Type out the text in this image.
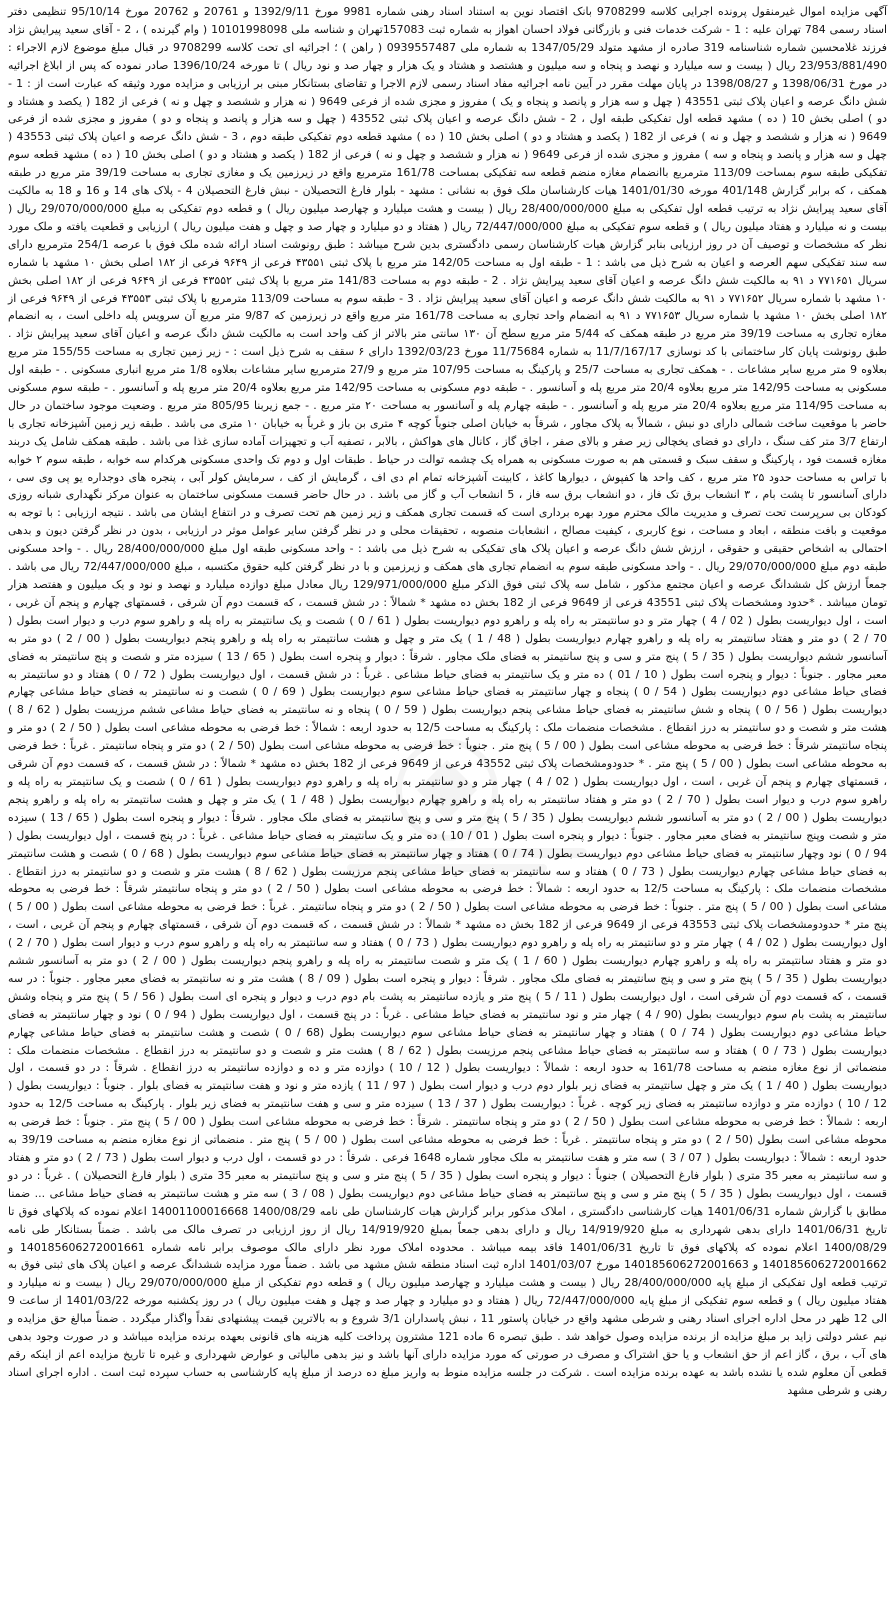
آگهی مزایده اموال غیرمنقول پرونده اجرایی کلاسه 9708299 بانک اقتصاد نوین به استناد اسناد رهنی شماره 9981 مورخ 1392/9/11 و 20761 و 20762 مورخ 95/10/14 تنظیمی دفتر اسناد رسمی 784 تهران علیه : 1 - شرکت خدمات فنی و بازرگانی فولاد احسان اهواز به شماره ثبت 157083تهران و شناسه ملی 10101998098 ( وام گیرنده ) ، 2 - آقای سعید پیرایش نژاد فرزند غلامحسین شماره شناسنامه 319 صادره از مشهد متولد 1347/05/29 به شماره ملی 0939557487 ( راهن ) ؛ اجرائیه ای تحت کلاسه 9708299 در قبال مبلغ موضوع لازم الاجراء : 23/953/881/490 ریال ( بیست و سه میلیارد و نهصد و پنجاه و سه میلیون و هشتصد و هشتاد و یک هزار و چهار صد و نود ریال ) تا مورخه 1396/10/24 صادر نموده که پس از ابلاغ اجرائیه در مورخ 1398/06/31 و 1398/08/27 در پایان مهلت مقرر در آیین نامه اجرائیه مفاد اسناد رسمی لازم الاجرا و تقاضای بستانکار مبنی بر ارزیابی و مزایده مورد وثیقه که عبارت است از : 1 - شش دانگ عرصه و اعیان پلاک ثبتی 43551 ( چهل و سه هزار و پانصد و پنجاه و یک ) مفروز و مجزی شده از فرعی 9649 ( نه هزار و ششصد و چهل و نه ) فرعی از 182 ( یکصد و هشتاد و دو ) اصلی بخش 10 ( ده ) مشهد قطعه اول تفکیکی طبقه اول ، 2 - شش دانگ عرصه و اعیان پلاک ثبتی 43552 ( چهل و سه هزار و پانصد و پنجاه و دو ) مفروز و مجزی شده از فرعی 9649 ( نه هزار و ششصد و چهل و نه ) فرعی از 182 ( یکصد و هشتاد و دو ) اصلی بخش 10 ( ده ) مشهد قطعه دوم تفکیکی طبقه دوم ، 3 - شش دانگ عرصه و اعیان پلاک ثبتی 43553 ( چهل و سه هزار و پانصد و پنجاه و سه ) مفروز و مجزی شده از فرعی 9649 ( نه هزار و ششصد و چهل و نه ) فرعی از 182 ( یکصد و هشتاد و دو ) اصلی بخش 10 ( ده ) مشهد قطعه سوم تفکیکی طبقه سوم بمساحت 113/09 مترمربع باانضمام مغازه منضم قطعه سه تفکیکی بمساحت 161/78 مترمربع واقع در زیرزمین یک و مغازی تجاری به مساحت 39/19 متر مربع در طبقه همکف ، که برابر گزارش 401/148 مورخه 1401/01/30 هیات کارشناسان ملک فوق به نشانی : مشهد - بلوار فارغ التحصیلان - نبش فارغ التحصیلان 4 - پلاک های 14 و 16 و 18 به مالکیت آقای سعید پیرایش نژاد به ترتیب قطعه اول تفکیکی به مبلغ 28/400/000/000 ریال ( بیست و هشت میلیارد و چهارصد میلیون ریال ) و قطعه دوم تفکیکی به مبلغ 29/070/000/000 ریال ( بیست و نه میلیارد و هفتاد میلیون ریال ) و قطعه سوم تفکیکی به مبلغ 72/447/000/000 ریال ( هفتاد و دو میلیارد و چهار صد و چهل و هفت میلیون ریال ) ارزیابی و قطعیت یافته و ملک مورد نظر که مشخصات و توصیف آن در روز ارزیابی بنابر گزارش هیات کارشناسان رسمی دادگستری بدین شرح میباشد : طبق رونوشت اسناد ارائه شده ملک فوق با عرصه 254/1 مترمربع دارای سه سند تفکیکی سهم العرصه و اعیان به شرح ذیل می باشد : 1 - طبقه اول به مساحت 142/05 متر مربع با پلاک ثبتی ۴۳۵۵۱ فرعی از ۹۶۴۹ فرعی از ۱۸۲ اصلی بخش ۱۰ مشهد با شماره سریال ۷۷۱۶۵۱ د ۹۱ به مالکیت شش دانگ عرصه و اعیان آقای سعید پیرایش نژاد . 2 - طبقه دوم به مساحت 141/83 متر مربع با پلاک ثبتی ۴۳۵۵۲ فرعی از ۹۶۴۹ فرعی از ۱۸۲ اصلی بخش ۱۰ مشهد با شماره سریال ۷۷۱۶۵۲ د ۹۱ به مالکیت شش دانگ عرصه و اعیان آقای سعید پیرایش نژاد . 3 - طبقه سوم به مساحت 113/09 مترمربع با پلاک ثبتی ۴۳۵۵۳ فرعی از ۹۶۴۹ فرعی از ۱۸۲ اصلی بخش ۱۰ مشهد با شماره سریال ۷۷۱۶۵۳ د ۹۱ به انضمام واحد تجاری به مساحت 161/78 متر مربع واقع در زیرزمین که 9/87 متر مربع آن سرویس پله داخلی است ، به انضمام مغازه تجاری به مساحت 39/19 متر مربع در طبقه همکف که 5/44 متر مربع سطح آن ۱۳۰ سانتی متر بالاتر از کف واحد است به مالکیت شش دانگ عرصه و اعیان آقای سعید پیرایش نژاد . طبق رونوشت پایان کار ساختمانی با کد نوسازی 11/7/167/17 به شماره 11/75684 مورخ 1392/03/23 دارای ۶ سقف به شرح ذیل است : - زیر زمین تجاری به مساحت 155/55 متر مربع بعلاوه 9 متر مربع سایر مشاعات . - همکف تجاری به مساحت 25/7 و پارکینگ به مساحت 107/95 متر مربع و 27/9 مترمربع سایر مشاعات بعلاوه 1/8 متر مربع انباری مسکونی . - طبقه اول مسکونی به مساحت 142/95 متر مربع بعلاوه 20/4 متر مربع پله و آسانسور . - طبقه دوم مسکونی به مساحت 142/95 متر مربع بعلاوه 20/4 متر مربع پله و آسانسور . - طبقه سوم مسکونی به مساحت 114/95 متر مربع بعلاوه 20/4 متر مربع پله و آسانسور . - طبقه چهارم پله و آسانسور به مساحت ۲۰ متر مربع . - جمع زیربنا 805/95 متر مربع . وضعیت موجود ساختمان در حال حاضر با موقعیت ساخت شمالی دارای دو نبش ، شمالاً به پلاک مجاور ، شرقاً به خیابان اصلی جنوباً کوچه ۴ متری بن باز و غرباً به خیابان ۱۰ متری می باشد . طبقه زیر زمین آشپزخانه تجاری با ارتفاع 3/7 متر کف سنگ ، دارای دو فضای یخچالی زیر صفر و بالای صفر ، اجاق گاز ، کانال های هواکش ، بالابر ، تصفیه آب و تجهیزات آماده سازی غذا می باشد . طبقه همکف شامل یک دربند مغازه قسمت فود ، پارکینگ و سقف سبک و قسمتی هم به صورت مسکونی به همراه یک چشمه توالت در حیاط . طبقات اول و دوم تک واحدی مسکونی هرکدام سه خوابه ، طبقه سوم ۲ خوابه با تراس به مساحت حدود ۲۵ متر مربع ، کف واحد ها کفپوش ، دیوارها کاغذ ، کابینت آشپزخانه تمام ام دی اف ، گرمایش از کف ، سرمایش کولر آبی ، پنجره های دوجداره یو پی وی سی ، دارای آسانسور تا پشت بام ، ۳ انشعاب برق تک فاز ، دو انشعاب برق سه فاز ، 5 انشعاب آب و گاز می باشد . در حال حاضر قسمت مسکونی ساختمان به عنوان مرکز نگهداری شبانه روزی کودکان بی سرپرست تحت تصرف و مدیریت مالک محترم مورد بهره برداری است که قسمت تجاری همکف و زیر زمین هم تحت تصرف و در انتفاع ایشان می باشد . نتیجه ارزیابی : با توجه به موقعیت و بافت منطقه ، ابعاد و مساحت ، نوع کاربری ، کیفیت مصالح ، انشعابات منصوبه ، تحقیقات محلی و در نظر گرفتن سایر عوامل موثر در ارزیابی ، بدون در نظر گرفتن دیون و بدهی احتمالی به اشخاص حقیقی و حقوقی ، ارزش شش دانگ عرصه و اعیان پلاک های تفکیکی به شرح ذیل می باشد : - واحد مسکونی طبقه اول مبلغ 28/400/000/000 ریال . - واحد مسکونی طبقه دوم مبلغ 29/070/000/000 ریال . - واحد مسکونی طبقه سوم به انضمام تجاری های همکف و زیرزمین و با در نظر گرفتن کلیه حقوق مکتسبه ، مبلغ 72/447/000/000 ریال می باشد . جمعاً ارزش کل ششدانگ عرصه و اعیان مجتمع مذکور ، شامل سه پلاک ثبتی فوق الذکر مبلغ 129/971/000/000 ریال معادل مبلغ دوازده میلیارد و نهصد و نود و یک میلیون و هفتصد هزار تومان میباشد . *حدود ومشخصات پلاک ثبتی 43551 فرعی از 9649 فرعی از 182 بخش ده مشهد * شمالاً : در شش قسمت ، که قسمت دوم آن شرقی ، قسمتهای چهارم و پنجم آن غربی ، است ، اول دیواریست بطول ( 02 / 4 ) چهار متر و دو سانتیمتر به راه پله و راهرو دوم دیواریست بطول ( 61 / 0 ) شصت و یک سانتیمتر به راه پله و راهرو سوم درب و دیوار است بطول ( 70 / 2 ) دو متر و هفتاد سانتیمتر به راه پله و راهرو چهارم دیواریست بطول ( 48 / 1 ) یک متر و چهل و هشت سانتیمتر به راه پله و راهرو پنجم دیواریست بطول ( 00 / 2 ) دو متر به آسانسور ششم دیواریست بطول ( 35 / 5 ) پنج متر و سی و پنج سانتیمتر به فضای ملک مجاور . شرقاً : دیوار و پنجره است بطول ( 65 / 13 ) سیزده متر و شصت و پنج سانتیمتر به فضای معبر مجاور . جنوباً : دیوار و پنجره است بطول ( 10 / 01 ) ده متر و یک سانتیمتر به فضای حیاط مشاعی . غرباً : در شش قسمت ، اول دیواریست بطول ( 72 / 0 ) هفتاد و دو سانتیمتر به فضای حیاط مشاعی دوم دیواریست بطول ( 54 / 0 ) پنجاه و چهار سانتیمتر به فضای حیاط مشاعی سوم دیواریست بطول ( 69 / 0 ) شصت و نه سانتیمتر به فضای حیاط مشاعی چهارم دیواریست بطول ( 56 / 0 ) پنجاه و شش سانتیمتر به فضای حیاط مشاعی پنجم دیواریست بطول ( 59 / 0 ) پنجاه و نه سانتیمتر به فضای حیاط مشاعی ششم مرزیست بطول ( 62 / 8 ) هشت متر و شصت و دو سانتیمتر به درز انقطاع . مشخصات منضمات ملک : پارکینگ به مساحت 12/5 به حدود اربعه : شمالاً : خط فرضی به محوطه مشاعی است بطول ( 50 / 2 ) دو متر و پنجاه سانتیمتر شرقاً : خط فرضی به محوطه مشاعی است بطول ( 00 / 5 ) پنج متر . جنوباً : خط فرضی به محوطه مشاعی است بطول (50 / 2 ) دو متر و پنجاه سانتیمتر . غرباً : خط فرضی به محوطه مشاعی است بطول ( 00 / 5 ) پنج متر . * حدودومشخصات پلاک ثبتی 43552 فرعی از 9649 فرعی از 182 بخش ده مشهد * شمالاً : در شش قسمت ، که قسمت دوم آن شرقی ، قسمتهای چهارم و پنجم آن غربی ، است ، اول دیواریست بطول ( 02 / 4 ) چهار متر و دو سانتیمتر به راه پله و راهرو دوم دیواریست بطول ( 61 / 0 ) شصت و یک سانتیمتر به راه پله و راهرو سوم درب و دیوار است بطول ( 70 / 2 ) دو متر و هفتاد سانتیمتر به راه پله و راهرو چهارم دیواریست بطول ( 48 / 1 ) یک متر و چهل و هشت سانتیمتر به راه پله و راهرو پنجم دیواریست بطول ( 00 / 2 ) دو متر به آسانسور ششم دیواریست بطول ( 35 / 5 ) پنج متر و سی و پنج سانتیمتر به فضای ملک مجاور . شرقاً : دیوار و پنجره است بطول ( 65 / 13 ) سیزده متر و شصت وپنج سانتیمتر به فضای معبر مجاور . جنوباً : دیوار و پنجره است بطول ( 01 / 10 ) ده متر و یک سانتیمتر به فضای حیاط مشاعی . غرباً : در پنج قسمت ، اول دیواریست بطول ( 94 / 0 ) نود وچهار سانتیمتر به فضای حیاط مشاعی دوم دیواریست بطول ( 74 / 0 ) هفتاد و چهار سانتیمتر به فضای حیاط مشاعی سوم دیواریست بطول ( 68 / 0 ) شصت و هشت سانتیمتر به فضای حیاط مشاعی چهارم دیواریست بطول ( 73 / 0 ) هفتاد و سه سانتیمتر به فضای حیاط مشاعی پنجم مرزیست بطول ( 62 / 8 ) هشت متر و شصت و دو سانتیمتر به درز انقطاع . مشخصات منضمات ملک : پارکینگ به مساحت 12/5 به حدود اربعه : شمالاً : خط فرضی به محوطه مشاعی است بطول ( 50 / 2 ) دو متر و پنجاه سانتیمتر شرقاً : خط فرضی به محوطه مشاعی است بطول ( 00 / 5 ) پنج متر . جنوباً : خط فرضی به محوطه مشاعی است بطول ( 50 / 2 ) دو متر و پنجاه سانتیمتر . غرباً : خط فرضی به محوطه مشاعی است بطول ( 00 / 5 ) پنج متر * حدودومشخصات پلاک ثبتی 43553 فرعی از 9649 فرعی از 182 بخش ده مشهد * شمالاً : در شش قسمت ، که قسمت دوم آن شرقی ، قسمتهای چهارم و پنجم آن غربی ، است ، اول دیواریست بطول ( 02 / 4 ) چهار متر و دو سانتیمتر به راه پله و راهرو دوم دیواریست بطول ( 73 / 0 ) هفتاد و سه سانتیمتر به راه پله و راهرو سوم درب و دیوار است بطول ( 70 / 2 ) دو متر و هفتاد سانتیمتر به راه پله و راهرو چهارم دیواریست بطول ( 60 / 1 ) یک متر و شصت سانتیمتر به راه پله و راهرو پنجم دیواریست بطول ( 00 / 2 ) دو متر به آسانسور ششم دیواریست بطول ( 35 / 5 ) پنج متر و سی و پنج سانتیمتر به فضای ملک مجاور . شرقاً : دیوار و پنجره است بطول ( 09 / 8 ) هشت متر و نه سانتیمتر به فضای معبر مجاور . جنوباً : در سه قسمت ، که قسمت دوم آن شرقی است ، اول دیواریست بطول ( 11 / 5 ) پنج متر و یازده سانتیمتر به پشت بام دوم درب و دیوار و پنجره ای است بطول ( 56 / 5 ) پنج متر و پنجاه وشش سانتیمتر به پشت بام سوم دیواریست بطول (90 / 4 ) چهار متر و نود سانتیمتر به فضای حیاط مشاعی . غرباً : در پنج قسمت ، اول دیواریست بطول ( 94 / 0 ) نود و چهار سانتیمتر به فضای حیاط مشاعی دوم دیواریست بطول ( 74 / 0 ) هفتاد و چهار سانتیمتر به فضای حیاط مشاعی سوم دیواریست بطول (68 / 0 ) شصت و هشت سانتیمتر به فضای حیاط مشاعی چهارم دیواریست بطول ( 73 / 0 ) هفتاد و سه سانتیمتر به فضای حیاط مشاعی پنجم مرزیست بطول ( 62 / 8 ) هشت متر و شصت و دو سانتیمتر به درز انقطاع . مشخصات منضمات ملک : منضماتی از نوع مغازه منضم به مساحت 161/78 به حدود اربعه : شمالاً : دیواریست بطول ( 12 / 10 ) دوازده متر و ده و دوازده سانتیمتر به درز انقطاع . شرقاً : در دو قسمت ، اول دیواریست بطول ( 40 / 1 ) یک متر و چهل سانتیمتر به فضای زیر بلوار دوم درب و دیوار است بطول ( 97 / 11 ) یازده متر و نود و هفت سانتیمتر به فضای بلوار . جنوباً : دیواریست بطول ( 12 / 10 ) دوازده متر و دوازده سانتیمتر به فضای زیر کوچه . غرباً : دیواریست بطول ( 37 / 13 ) سیزده متر و سی و هفت سانتیمتر به فضای زیر بلوار . پارکینگ به مساحت 12/5 به حدود اربعه : شمالاً : خط فرضی به محوطه مشاعی است بطول ( 50 / 2 ) دو متر و پنجاه سانتیمتر . شرقاً : خط فرضی به محوطه مشاعی است بطول ( 00 / 5 ) پنج متر . جنوباً : خط فرضی به محوطه مشاعی است بطول (50 / 2 ) دو متر و پنجاه سانتیمتر . غرباً : خط فرضی به محوطه مشاعی است بطول ( 00 / 5 ) پنج متر . منضماتی از نوع مغازه منضم به مساحت 39/19 به حدود اربعه : شمالاً : دیواریست بطول ( 07 / 3 ) سه متر و هفت سانتیمتر به ملک مجاور شماره 1648 فرعی . شرقاً : در دو قسمت ، اول درب و دیوار است بطول ( 73 / 2 ) دو متر و هفتاد و سه سانتیمتر به معبر 35 متری ( بلوار فارغ التحصیلان ) جنوباً : دیوار و پنجره است بطول ( 35 / 5 ) پنج متر و سی و پنج سانتیمتر به معبر 35 متری ( بلوار فارغ التحصیلان ) . غرباً : در دو قسمت ، اول دیواریست بطول ( 35 / 5 ) پنج متر و سی و پنج سانتیمتر به فضای حیاط مشاعی دوم دیواریست بطول ( 08 / 3 ) سه متر و هشت سانتیمتر به فضای حیاط مشاعی ... ضمنا مطابق با گزارش شماره 1401/06/31 هیات کارشناسی دادگستری ، املاک مذکور برابر گزارش هیات کارشناسان طی نامه 1400/08/29 14001100016668 اعلام نموده که پلاکهای فوق تا تاریخ 1401/06/31 دارای بدهی شهرداری به مبلغ 14/919/920 ریال و دارای بدهی جمعاً بمبلغ 14/919/920 ریال از روز ارزیابی در تصرف مالک می باشد . ضمناً بستانکار طی نامه 1400/08/29 اعلام نموده که پلاکهای فوق تا تاریخ 1401/06/31 فاقد بیمه میباشد . محدوده املاک مورد نظر دارای مالک موصوف برابر نامه شماره 140185606272001661 و 140185606272001662 و 140185606272001663 مورخ 1401/03/07 اداره ثبت اسناد منطقه شش مشهد می باشد . ضمناً مورد مزایده ششدانگ عرصه و اعیان پلاک های ثبتی فوق به ترتیب قطعه اول تفکیکی از مبلغ پایه 28/400/000/000 ریال ( بیست و هشت میلیارد و چهارصد میلیون ریال ) و قطعه دوم تفکیکی از مبلغ 29/070/000/000 ریال ( بیست و نه میلیارد و هفتاد میلیون ریال ) و قطعه سوم تفکیکی از مبلغ پایه 72/447/000/000 ریال ( هفتاد و دو میلیارد و چهار صد و چهل و هفت میلیون ریال ) در روز یکشنبه مورخه 1401/03/22 از ساعت 9 الی 12 ظهر در محل اداره اجرای اسناد رهنی و شرطی مشهد واقع در خیابان پاستور 11 ، نبش پاسداران 3/1 شروع و به بالاترین قیمت پیشنهادی نقداً واگذار میگردد . ضمناً مبالغ حق مزایده و نیم عشر دولتی زاید بر مبلغ مزایده از برنده مزایده وصول خواهد شد . طبق تبصره 6 ماده 121 مشترون پرداخت کلیه هزینه های قانونی بعهده برنده مزایده میباشد و در صورت وجود بدهی های آب ، برق ، گاز اعم از حق انشعاب و یا حق اشتراک و مصرف در صورتی که مورد مزایده دارای آنها باشد و نیز بدهی مالیاتی و عوارض شهرداری و غیره تا تاریخ مزایده اعم از اینکه رقم قطعی آن معلوم شده یا نشده باشد به عهده برنده مزایده است . شرکت در جلسه مزایده منوط به واریز مبلغ ده درصد از مبلغ پایه کارشناسی به حساب سپرده ثبت است . اداره اجرای اسناد رهنی و شرطی مشهد
